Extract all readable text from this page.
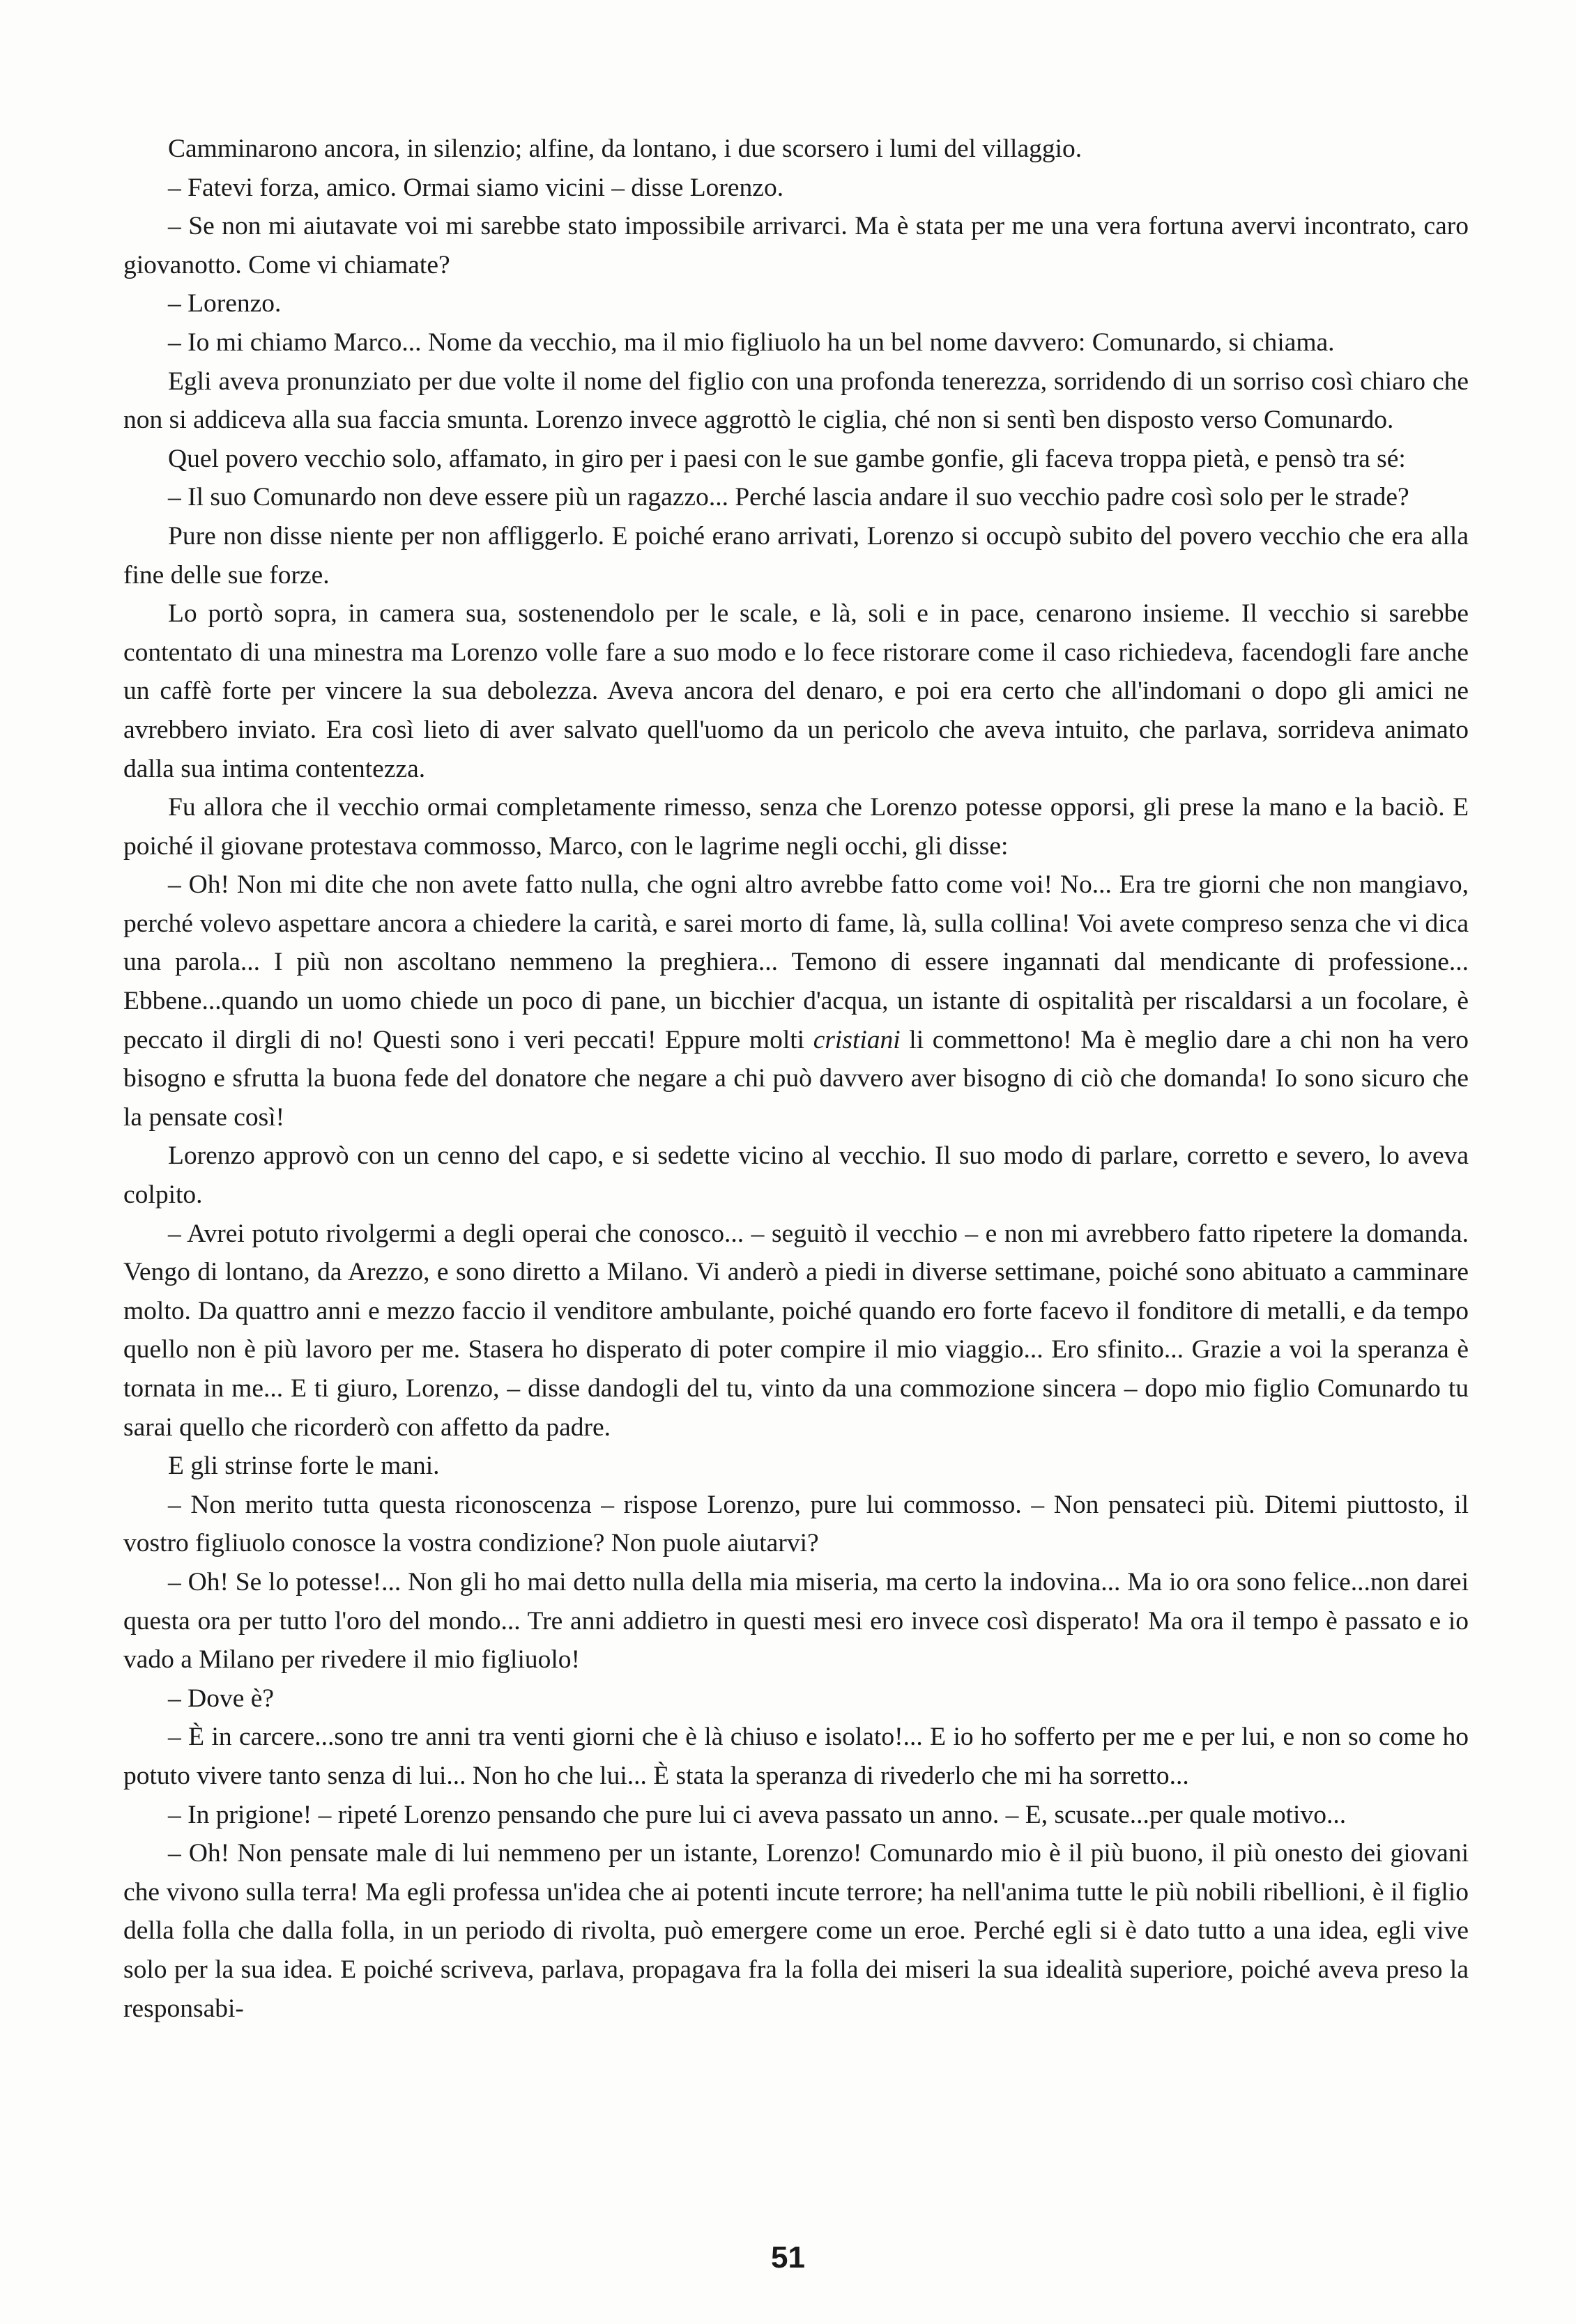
Camminarono ancora, in silenzio; alfine, da lontano, i due scorsero i lumi del villaggio.

– Fatevi forza, amico. Ormai siamo vicini – disse Lorenzo.

– Se non mi aiutavate voi mi sarebbe stato impossibile arrivarci. Ma è stata per me una vera fortuna avervi incontrato, caro giovanotto. Come vi chiamate?

– Lorenzo.

– Io mi chiamo Marco... Nome da vecchio, ma il mio figliuolo ha un bel nome davvero: Comunardo, si chiama.

Egli aveva pronunziato per due volte il nome del figlio con una profonda tenerezza, sorridendo di un sorriso così chiaro che non si addiceva alla sua faccia smunta. Lorenzo invece aggrottò le ciglia, ché non si sentì ben disposto verso Comunardo.

Quel povero vecchio solo, affamato, in giro per i paesi con le sue gambe gonfie, gli faceva troppa pietà, e pensò tra sé:

– Il suo Comunardo non deve essere più un ragazzo... Perché lascia andare il suo vecchio padre così solo per le strade?

Pure non disse niente per non affliggerlo. E poiché erano arrivati, Lorenzo si occupò subito del povero vecchio che era alla fine delle sue forze.

Lo portò sopra, in camera sua, sostenendolo per le scale, e là, soli e in pace, cenarono insieme. Il vecchio si sarebbe contentato di una minestra ma Lorenzo volle fare a suo modo e lo fece ristorare come il caso richiedeva, facendogli fare anche un caffè forte per vincere la sua debolezza. Aveva ancora del denaro, e poi era certo che all'indomani o dopo gli amici ne avrebbero inviato. Era così lieto di aver salvato quell'uomo da un pericolo che aveva intuito, che parlava, sorrideva animato dalla sua intima contentezza.

Fu allora che il vecchio ormai completamente rimesso, senza che Lorenzo potesse opporsi, gli prese la mano e la baciò. E poiché il giovane protestava commosso, Marco, con le lagrime negli occhi, gli disse:

– Oh! Non mi dite che non avete fatto nulla, che ogni altro avrebbe fatto come voi! No... Era tre giorni che non mangiavo, perché volevo aspettare ancora a chiedere la carità, e sarei morto di fame, là, sulla collina! Voi avete compreso senza che vi dica una parola... I più non ascoltano nemmeno la preghiera... Temono di essere ingannati dal mendicante di professione... Ebbene...quando un uomo chiede un poco di pane, un bicchier d'acqua, un istante di ospitalità per riscaldarsi a un focolare, è peccato il dirgli di no! Questi sono i veri peccati! Eppure molti cristiani li commettono! Ma è meglio dare a chi non ha vero bisogno e sfrutta la buona fede del donatore che negare a chi può davvero aver bisogno di ciò che domanda! Io sono sicuro che la pensate così!

Lorenzo approvò con un cenno del capo, e si sedette vicino al vecchio. Il suo modo di parlare, corretto e severo, lo aveva colpito.

– Avrei potuto rivolgermi a degli operai che conosco... – seguitò il vecchio – e non mi avrebbero fatto ripetere la domanda. Vengo di lontano, da Arezzo, e sono diretto a Milano. Vi anderò a piedi in diverse settimane, poiché sono abituato a camminare molto. Da quattro anni e mezzo faccio il venditore ambulante, poiché quando ero forte facevo il fonditore di metalli, e da tempo quello non è più lavoro per me. Stasera ho disperato di poter compire il mio viaggio... Ero sfinito... Grazie a voi la speranza è tornata in me... E ti giuro, Lorenzo, – disse dandogli del tu, vinto da una commozione sincera – dopo mio figlio Comunardo tu sarai quello che ricorderò con affetto da padre.

E gli strinse forte le mani.

– Non merito tutta questa riconoscenza – rispose Lorenzo, pure lui commosso. – Non pensateci più. Ditemi piuttosto, il vostro figliuolo conosce la vostra condizione? Non puole aiutarvi?

– Oh! Se lo potesse!... Non gli ho mai detto nulla della mia miseria, ma certo la indovina... Ma io ora sono felice...non darei questa ora per tutto l'oro del mondo... Tre anni addietro in questi mesi ero invece così disperato! Ma ora il tempo è passato e io vado a Milano per rivedere il mio figliuolo!

– Dove è?

– È in carcere...sono tre anni tra venti giorni che è là chiuso e isolato!... E io ho sofferto per me e per lui, e non so come ho potuto vivere tanto senza di lui... Non ho che lui... È stata la speranza di rivederlo che mi ha sorretto...

– In prigione! – ripeté Lorenzo pensando che pure lui ci aveva passato un anno. – E, scusate...per quale motivo...

– Oh! Non pensate male di lui nemmeno per un istante, Lorenzo! Comunardo mio è il più buono, il più onesto dei giovani che vivono sulla terra! Ma egli professa un'idea che ai potenti incute terrore; ha nell'anima tutte le più nobili ribellioni, è il figlio della folla che dalla folla, in un periodo di rivolta, può emergere come un eroe. Perché egli si è dato tutto a una idea, egli vive solo per la sua idea. E poiché scriveva, parlava, propagava fra la folla dei miseri la sua idealità superiore, poiché aveva preso la responsabi-

51
